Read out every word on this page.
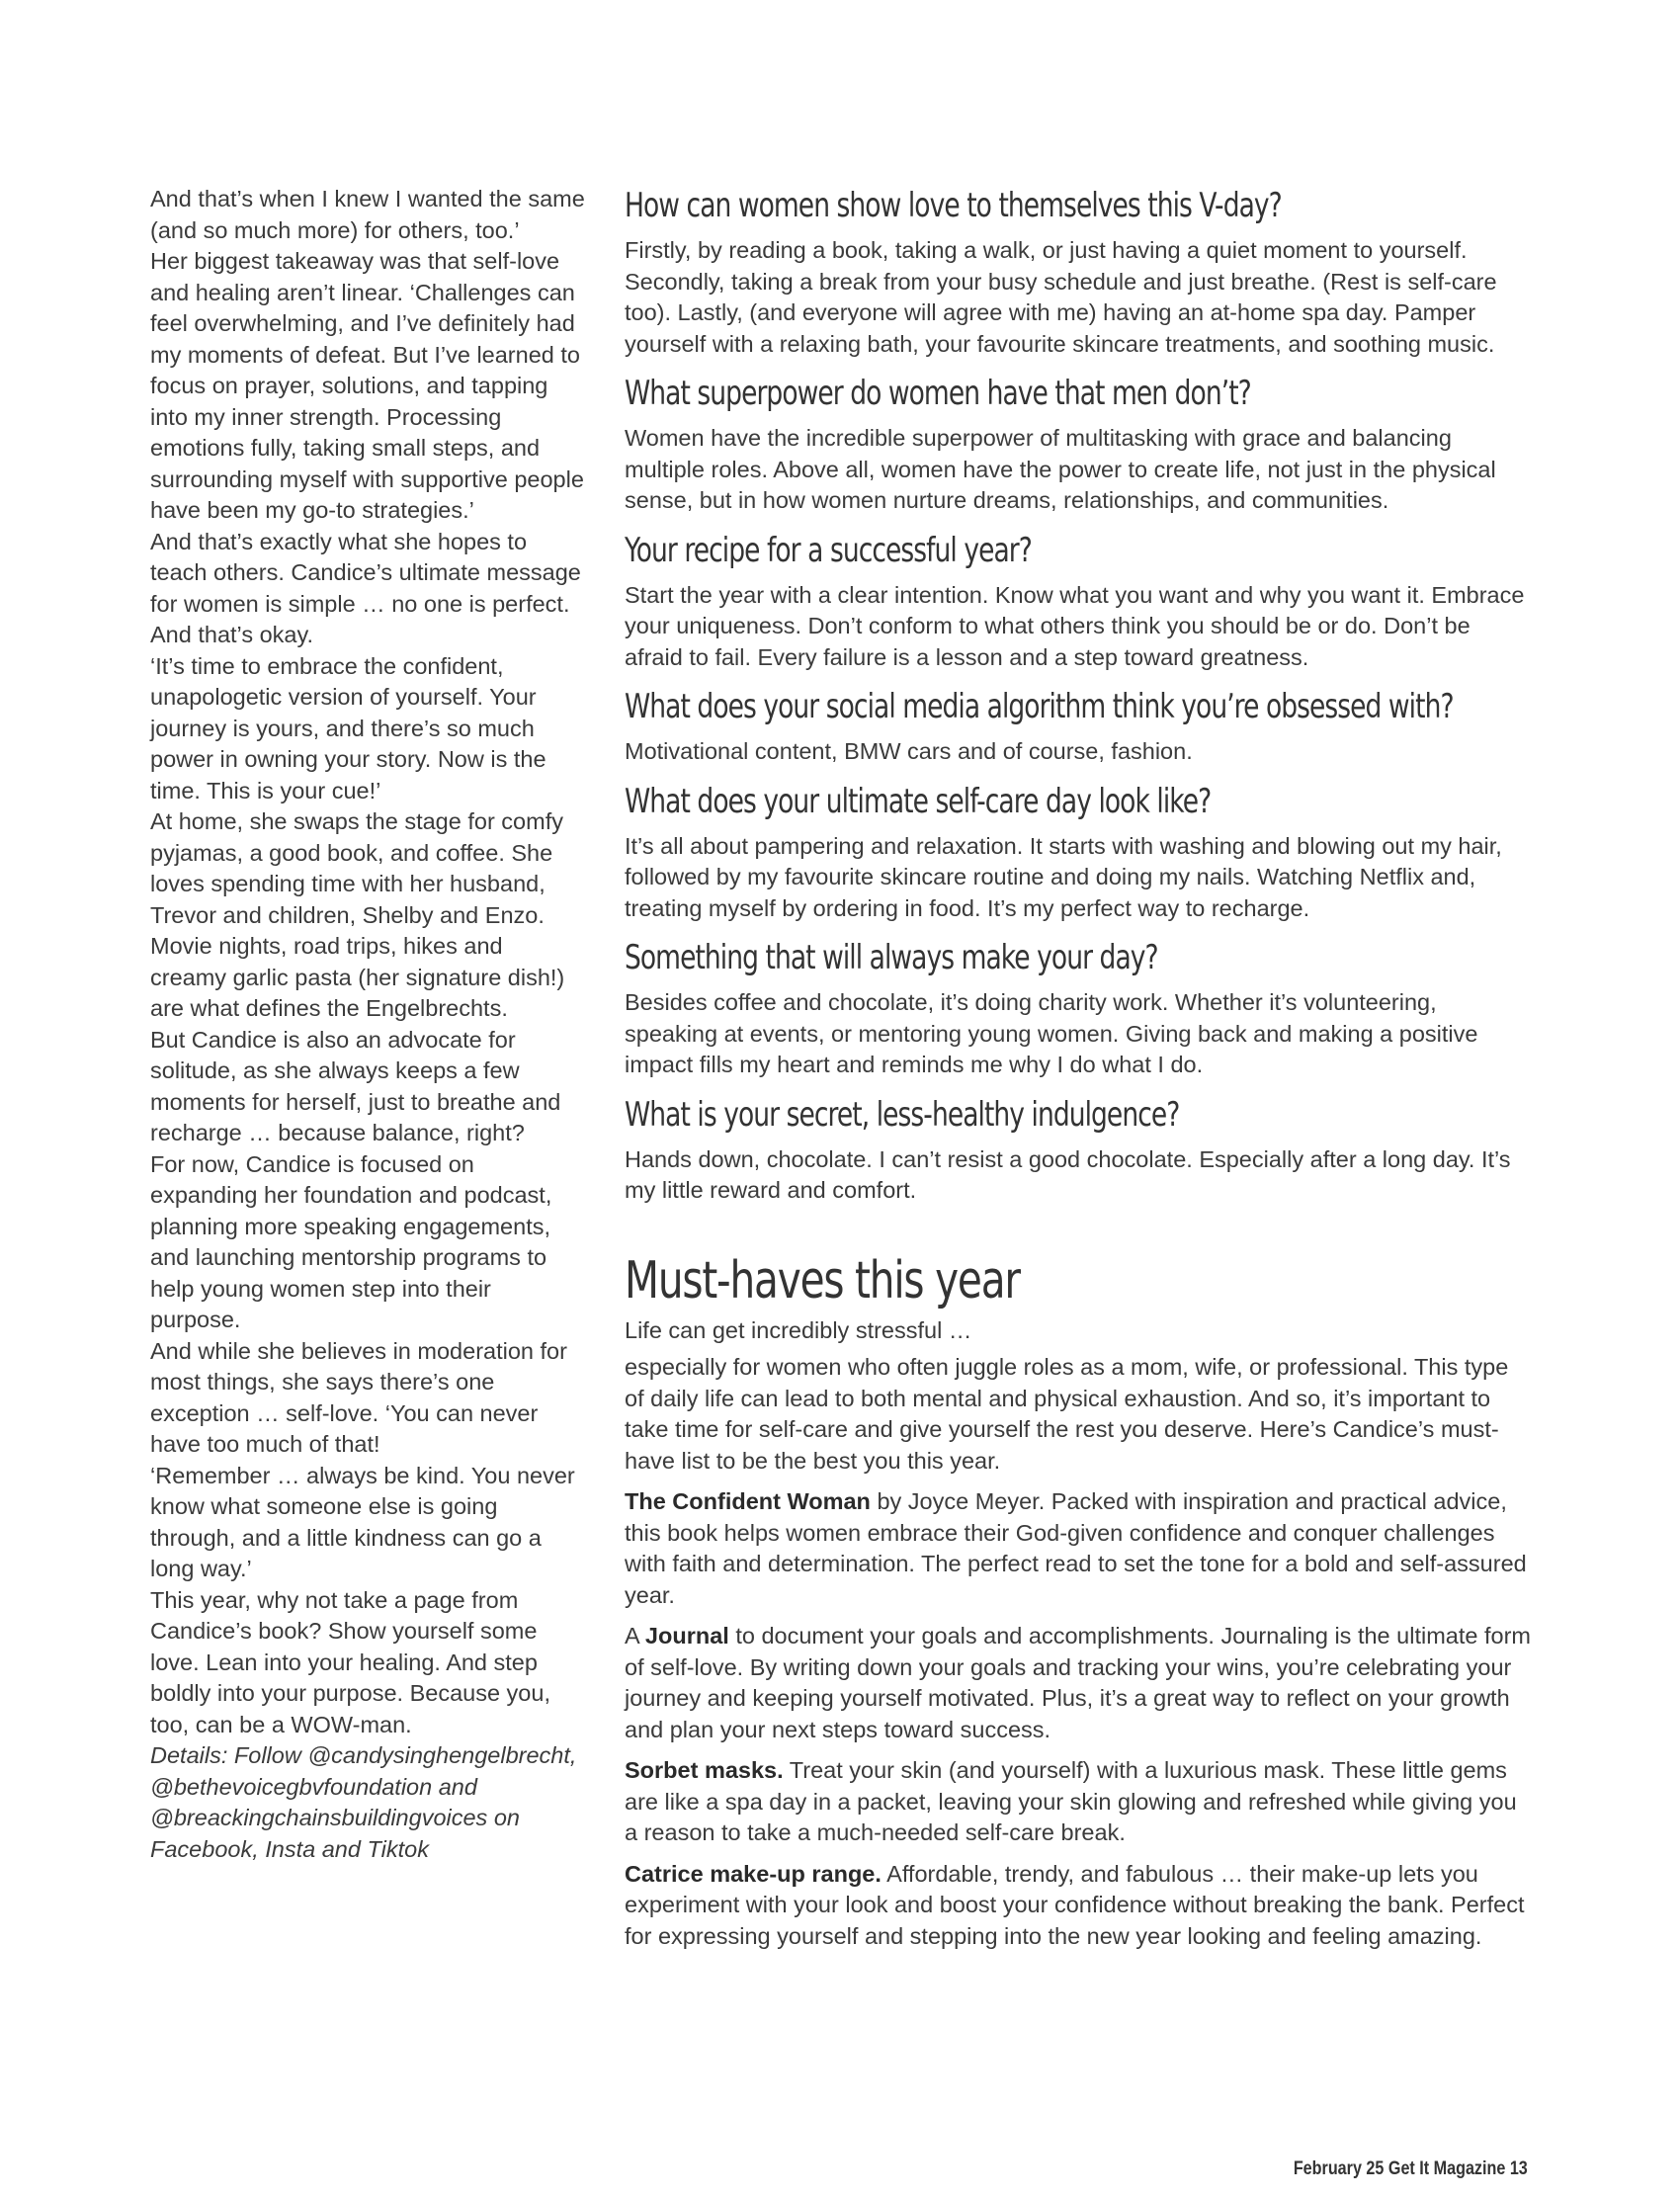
And that’s when I knew I wanted the same (and so much more) for others, too.’

Her biggest takeaway was that self-love and healing aren’t linear. ‘Challenges can feel overwhelming, and I’ve definitely had my moments of defeat. But I’ve learned to focus on prayer, solutions, and tapping into my inner strength. Processing emotions fully, taking small steps, and surrounding myself with supportive people have been my go-to strategies.’

And that’s exactly what she hopes to teach others. Candice’s ultimate message for women is simple … no one is perfect. And that’s okay.

‘It’s time to embrace the confident, unapologetic version of yourself. Your journey is yours, and there’s so much power in owning your story. Now is the time. This is your cue!’

At home, she swaps the stage for comfy pyjamas, a good book, and coffee. She loves spending time with her husband, Trevor and children, Shelby and Enzo. Movie nights, road trips, hikes and creamy garlic pasta (her signature dish!) are what defines the Engelbrechts.

But Candice is also an advocate for solitude, as she always keeps a few moments for herself, just to breathe and recharge … because balance, right?

For now, Candice is focused on expanding her foundation and podcast, planning more speaking engagements, and launching mentorship programs to help young women step into their purpose.

And while she believes in moderation for most things, she says there’s one exception … self-love. ‘You can never have too much of that!

‘Remember … always be kind. You never know what someone else is going through, and a little kindness can go a long way.’

This year, why not take a page from Candice’s book? Show yourself some love. Lean into your healing. And step boldly into your purpose. Because you, too, can be a WOW-man.

Details: Follow @candysinghengelbrecht, @bethevoicegbvfoundation and @breackingchainsbuildingvoices on Facebook, Insta and Tiktok

How can women show love to themselves this V-day?

Firstly, by reading a book, taking a walk, or just having a quiet moment to yourself. Secondly, taking a break from your busy schedule and just breathe. (Rest is self-care too). Lastly, (and everyone will agree with me) having an at-home spa day. Pamper yourself with a relaxing bath, your favourite skincare treatments, and soothing music.

What superpower do women have that men don’t?

Women have the incredible superpower of multitasking with grace and balancing multiple roles. Above all, women have the power to create life, not just in the physical sense, but in how women nurture dreams, relationships, and communities.

Your recipe for a successful year?

Start the year with a clear intention. Know what you want and why you want it. Embrace your uniqueness. Don’t conform to what others think you should be or do. Don’t be afraid to fail. Every failure is a lesson and a step toward greatness.

What does your social media algorithm think you’re obsessed with?

Motivational content, BMW cars and of course, fashion.

What does your ultimate self-care day look like?

It’s all about pampering and relaxation. It starts with washing and blowing out my hair, followed by my favourite skincare routine and doing my nails. Watching Netflix and, treating myself by ordering in food. It’s my perfect way to recharge.

Something that will always make your day?

Besides coffee and chocolate, it’s doing charity work. Whether it’s volunteering, speaking at events, or mentoring young women. Giving back and making a positive impact fills my heart and reminds me why I do what I do.

What is your secret, less-healthy indulgence?

Hands down, chocolate. I can’t resist a good chocolate. Especially after a long day. It’s my little reward and comfort.

Must-haves this year

Life can get incredibly stressful …

especially for women who often juggle roles as a mom, wife, or professional. This type of daily life can lead to both mental and physical exhaustion. And so, it’s important to take time for self-care and give yourself the rest you deserve. Here’s Candice’s must-have list to be the best you this year.

The Confident Woman by Joyce Meyer. Packed with inspiration and practical advice, this book helps women embrace their God-given confidence and conquer challenges with faith and determination. The perfect read to set the tone for a bold and self-assured year.

A Journal to document your goals and accomplishments. Journaling is the ultimate form of self-love. By writing down your goals and tracking your wins, you’re celebrating your journey and keeping yourself motivated. Plus, it’s a great way to reflect on your growth and plan your next steps toward success.

Sorbet masks. Treat your skin (and yourself) with a luxurious mask. These little gems are like a spa day in a packet, leaving your skin glowing and refreshed while giving you a reason to take a much-needed self-care break.

Catrice make-up range. Affordable, trendy, and fabulous … their make-up lets you experiment with your look and boost your confidence without breaking the bank. Perfect for expressing yourself and stepping into the new year looking and feeling amazing.

February 25 Get It Magazine 13
